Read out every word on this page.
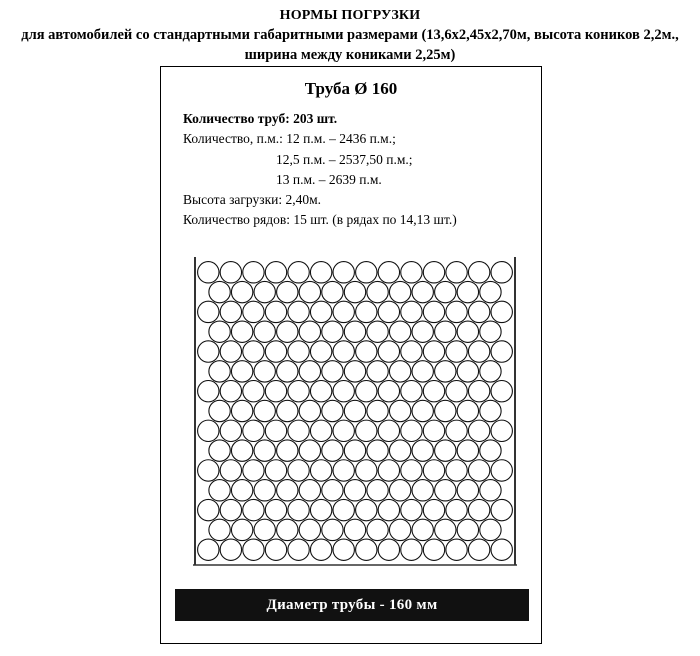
НОРМЫ ПОГРУЗКИ
для автомобилей со стандартными габаритными размерами (13,6х2,45х2,70м, высота коников 2,2м., ширина между кониками 2,25м)
Труба Ø 160
Количество труб: 203 шт.
Количество, п.м.: 12 п.м. – 2436 п.м.;
12,5 п.м. – 2537,50 п.м.;
13 п.м. – 2639 п.м.
Высота загрузки: 2,40м.
Количество рядов: 15 шт. (в рядах по 14,13 шт.)
Диаметр трубы - 160 мм
